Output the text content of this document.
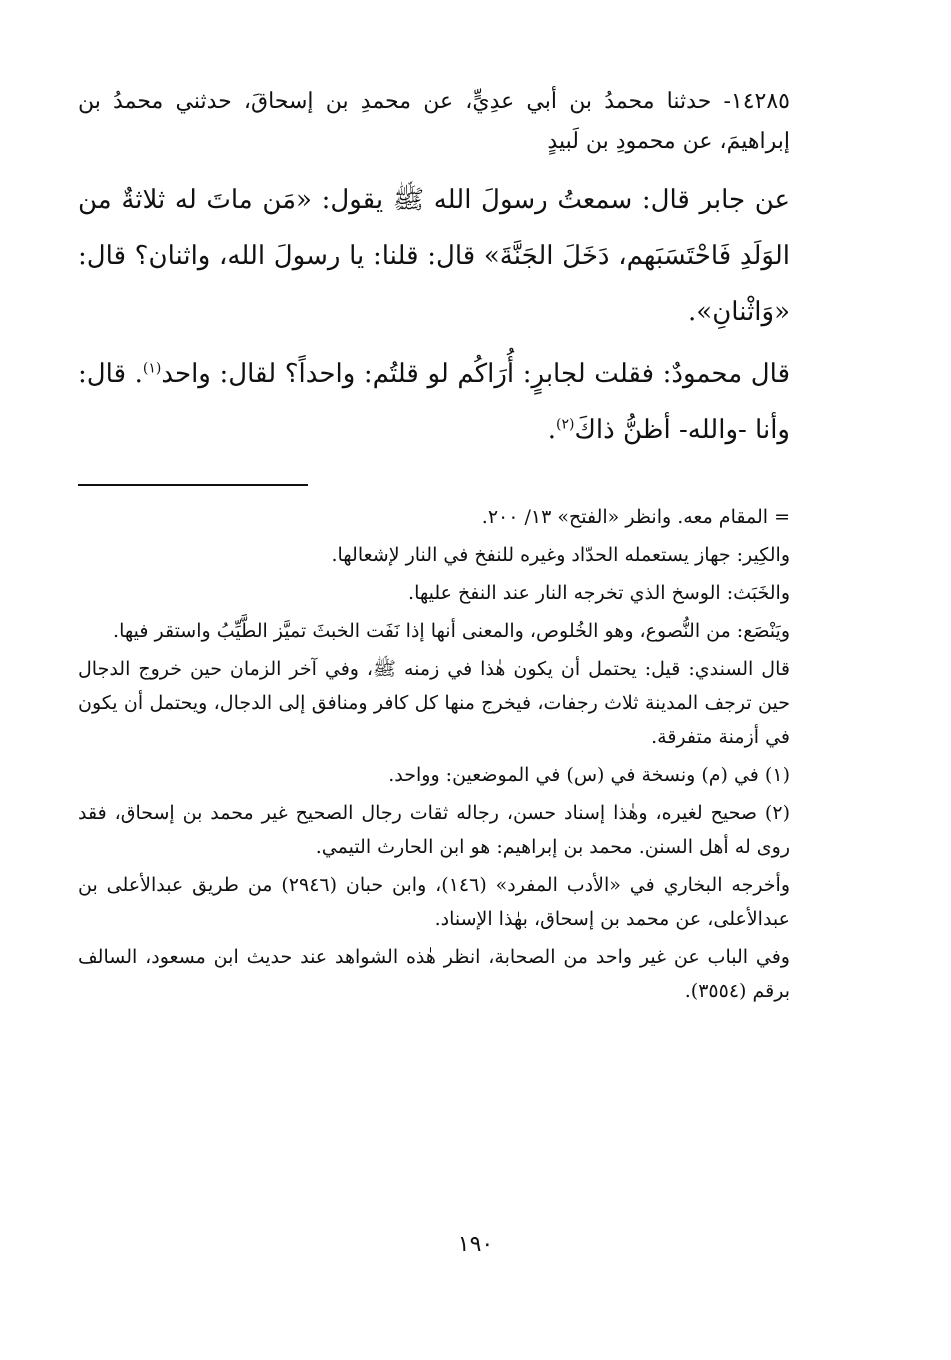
١٤٢٨٥- حدثنا محمدُ بن أبي عدِيٍّ، عن محمدِ بن إسحاقَ، حدثني محمدُ بن إبراهيمَ، عن محمودِ بن لَبيدٍ

عن جابر قال: سمعتُ رسولَ الله ﷺ يقول: «مَن ماتَ له ثلاثةٌ من الوَلَدِ فَاحْتَسَبَهم، دَخَلَ الجَنَّةَ» قال: قلنا: يا رسولَ الله، واثنان؟ قال: «وَاثْنانِ».

قال محمودٌ: فقلت لجابرٍ: أُرَاكُم لو قلتُم: واحداً؟ لقال: واحد$^{(١)}$. قال: وأنا -والله- أظنُّ ذاكَ$^{(٢)}$.

= المقام معه. وانظر «الفتح» ١٣/ ٢٠٠.

والكِير: جهاز يستعمله الحدّاد وغيره للنفخ في النار لإشعالها.

والخَبَث: الوسخ الذي تخرجه النار عند النفخ عليها.

ويَنْصَع: من النُّصوع، وهو الخُلوص، والمعنى أنها إذا نَفَت الخبثَ تميَّز الطَّيِّبُ واستقر فيها.

قال السندي: قيل: يحتمل أن يكون هٰذا في زمنه ﷺ، وفي آخر الزمان حين خروج الدجال حين ترجف المدينة ثلاث رجفات، فيخرج منها كل كافر ومنافق إلى الدجال، ويحتمل أن يكون في أزمنة متفرقة.

(١) في (م) ونسخة في (س) في الموضعين: وواحد.

(٢) صحيح لغيره، وهٰذا إسناد حسن، رجاله ثقات رجال الصحيح غير محمد بن إسحاق، فقد روى له أهل السنن. محمد بن إبراهيم: هو ابن الحارث التيمي.

وأخرجه البخاري في «الأدب المفرد» (١٤٦)، وابن حبان (٢٩٤٦) من طريق عبدالأعلى بن عبدالأعلى، عن محمد بن إسحاق، بهٰذا الإسناد.

وفي الباب عن غير واحد من الصحابة، انظر هٰذه الشواهد عند حديث ابن مسعود، السالف برقم (٣٥٥٤).

١٩٠
